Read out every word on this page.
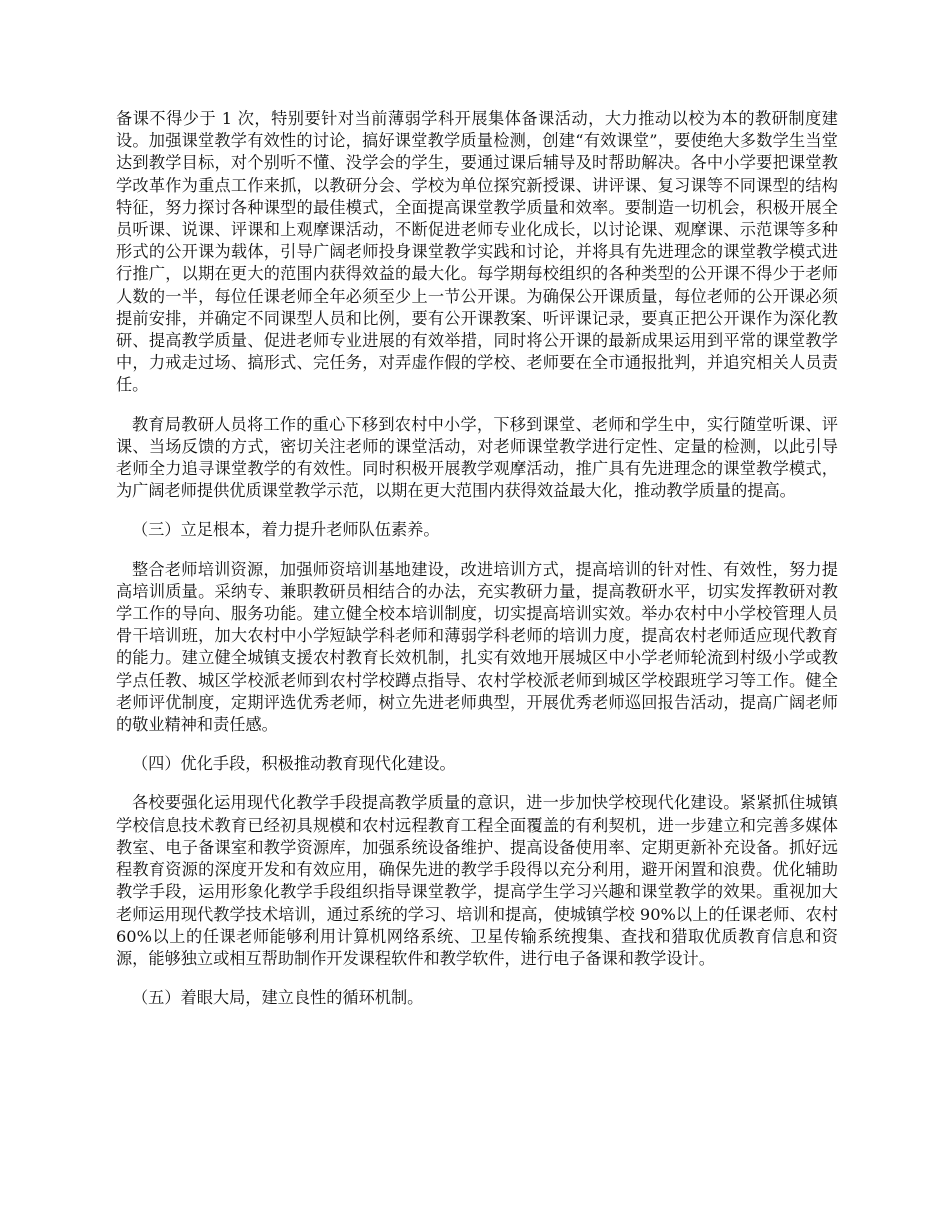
备课不得少于 1 次，特别要针对当前薄弱学科开展集体备课活动，大力推动以校为本的教研制度建设。加强课堂教学有效性的讨论，搞好课堂教学质量检测，创建“有效课堂”，要使绝大多数学生当堂达到教学目标，对个别听不懂、没学会的学生，要通过课后辅导及时帮助解决。各中小学要把课堂教学改革作为重点工作来抓，以教研分会、学校为单位探究新授课、讲评课、复习课等不同课型的结构特征，努力探讨各种课型的最佳模式，全面提高课堂教学质量和效率。要制造一切机会，积极开展全员听课、说课、评课和上观摩课活动，不断促进老师专业化成长，以讨论课、观摩课、示范课等多种形式的公开课为载体，引导广阔老师投身课堂教学实践和讨论，并将具有先进理念的课堂教学模式进行推广，以期在更大的范围内获得效益的最大化。每学期每校组织的各种类型的公开课不得少于老师人数的一半，每位任课老师全年必须至少上一节公开课。为确保公开课质量，每位老师的公开课必须提前安排，并确定不同课型人员和比例，要有公开课教案、听评课记录，要真正把公开课作为深化教研、提高教学质量、促进老师专业进展的有效举措，同时将公开课的最新成果运用到平常的课堂教学中，力戒走过场、搞形式、完任务，对弄虚作假的学校、老师要在全市通报批判，并追究相关人员责任。

教育局教研人员将工作的重心下移到农村中小学，下移到课堂、老师和学生中，实行随堂听课、评课、当场反馈的方式，密切关注老师的课堂活动，对老师课堂教学进行定性、定量的检测，以此引导老师全力追寻课堂教学的有效性。同时积极开展教学观摩活动，推广具有先进理念的课堂教学模式，为广阔老师提供优质课堂教学示范，以期在更大范围内获得效益最大化，推动教学质量的提高。

（三）立足根本，着力提升老师队伍素养。

整合老师培训资源，加强师资培训基地建设，改进培训方式，提高培训的针对性、有效性，努力提高培训质量。采纳专、兼职教研员相结合的办法，充实教研力量，提高教研水平，切实发挥教研对教学工作的导向、服务功能。建立健全校本培训制度，切实提高培训实效。举办农村中小学校管理人员骨干培训班，加大农村中小学短缺学科老师和薄弱学科老师的培训力度，提高农村老师适应现代教育的能力。建立健全城镇支援农村教育长效机制，扎实有效地开展城区中小学老师轮流到村级小学或教学点任教、城区学校派老师到农村学校蹲点指导、农村学校派老师到城区学校跟班学习等工作。健全老师评优制度，定期评选优秀老师，树立先进老师典型，开展优秀老师巡回报告活动，提高广阔老师的敬业精神和责任感。

（四）优化手段，积极推动教育现代化建设。

各校要强化运用现代化教学手段提高教学质量的意识，进一步加快学校现代化建设。紧紧抓住城镇学校信息技术教育已经初具规模和农村远程教育工程全面覆盖的有利契机，进一步建立和完善多媒体教室、电子备课室和教学资源库，加强系统设备维护、提高设备使用率、定期更新补充设备。抓好远程教育资源的深度开发和有效应用，确保先进的教学手段得以充分利用，避开闲置和浪费。优化辅助教学手段，运用形象化教学手段组织指导课堂教学，提高学生学习兴趣和课堂教学的效果。重视加大老师运用现代教学技术培训，通过系统的学习、培训和提高，使城镇学校 90%以上的任课老师、农村 60%以上的任课老师能够利用计算机网络系统、卫星传输系统搜集、查找和猎取优质教育信息和资源，能够独立或相互帮助制作开发课程软件和教学软件，进行电子备课和教学设计。

（五）着眼大局，建立良性的循环机制。
